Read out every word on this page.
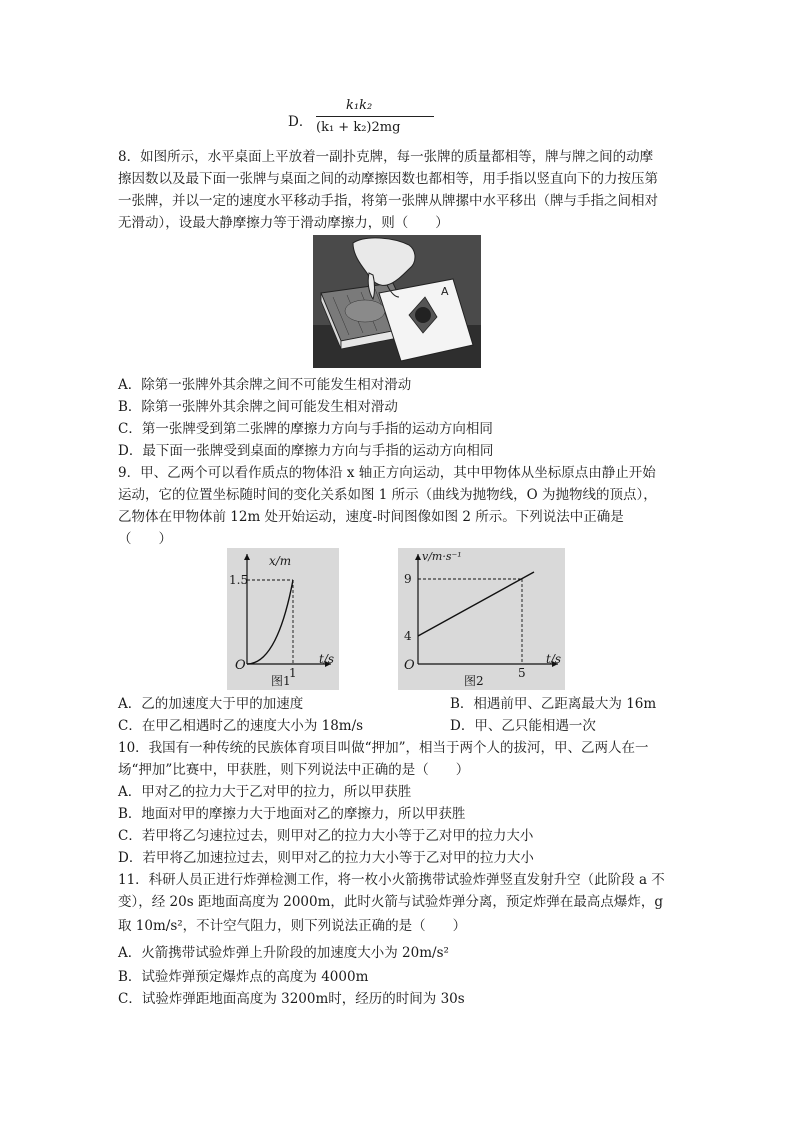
D．
k₁k₂
(k₁ + k₂)2mg
8．如图所示，水平桌面上平放着一副扑克牌，每一张牌的质量都相等，牌与牌之间的动摩
擦因数以及最下面一张牌与桌面之间的动摩擦因数也都相等，用手指以竖直向下的力按压第
一张牌，并以一定的速度水平移动手指，将第一张牌从牌摞中水平移出（牌与手指之间相对
无滑动），设最大静摩擦力等于滑动摩擦力，则（　　）
A
A．除第一张牌外其余牌之间不可能发生相对滑动
B．除第一张牌外其余牌之间可能发生相对滑动
C．第一张牌受到第二张牌的摩擦力方向与手指的运动方向相同
D．最下面一张牌受到桌面的摩擦力方向与手指的运动方向相同
9．甲、乙两个可以看作质点的物体沿 x 轴正方向运动，其中甲物体从坐标原点由静止开始
运动，它的位置坐标随时间的变化关系如图 1 所示（曲线为抛物线，O 为抛物线的顶点），
乙物体在甲物体前 12m 处开始运动，速度-时间图像如图 2 所示。下列说法中正确是
（　　）
x/m
1.5
O	1
t/s
图1
v/m·s⁻¹
9
4
O	5
t/s
图2
A．乙的加速度大于甲的加速度	B．相遇前甲、乙距离最大为 16m
C．在甲乙相遇时乙的速度大小为 18m/s	D．甲、乙只能相遇一次
10．我国有一种传统的民族体育项目叫做“押加”，相当于两个人的拔河，甲、乙两人在一
场“押加”比赛中，甲获胜，则下列说法中正确的是（　　）
A．甲对乙的拉力大于乙对甲的拉力，所以甲获胜
B．地面对甲的摩擦力大于地面对乙的摩擦力，所以甲获胜
C．若甲将乙匀速拉过去，则甲对乙的拉力大小等于乙对甲的拉力大小
D．若甲将乙加速拉过去，则甲对乙的拉力大小等于乙对甲的拉力大小
11．科研人员正进行炸弹检测工作，将一枚小火箭携带试验炸弹竖直发射升空（此阶段 a 不
变），经 20s 距地面高度为 2000m，此时火箭与试验炸弹分离，预定炸弹在最高点爆炸，g
取 10m/s²，不计空气阻力，则下列说法正确的是（　　）
A．火箭携带试验炸弹上升阶段的加速度大小为 20m/s²
B．试验炸弹预定爆炸点的高度为 4000m
C．试验炸弹距地面高度为 3200m时，经历的时间为 30s
